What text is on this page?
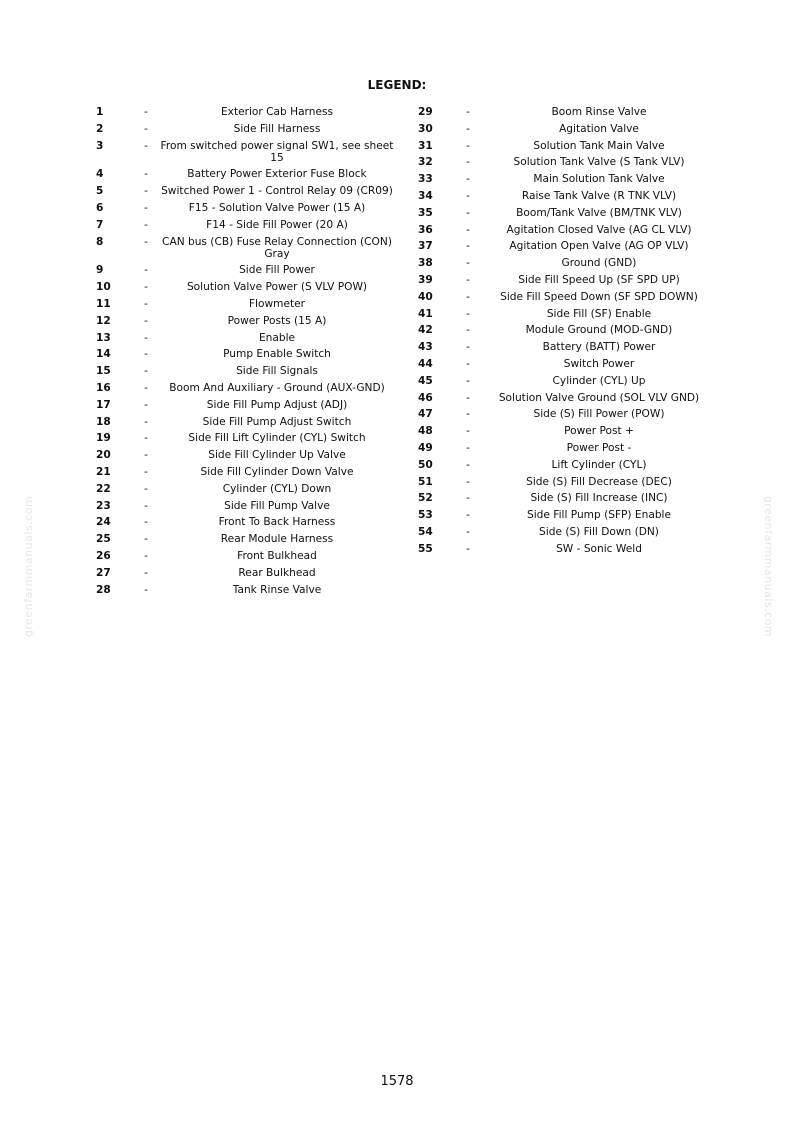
LEGEND:
1	-	Exterior Cab Harness
2	-	Side Fill Harness
3	-	From switched power signal SW1, see sheet 15
4	-	Battery Power Exterior Fuse Block
5	-	Switched Power 1 - Control Relay 09 (CR09)
6	-	F15 - Solution Valve Power (15 A)
7	-	F14 - Side Fill Power (20 A)
8	-	CAN bus (CB) Fuse Relay Connection (CON) Gray
9	-	Side Fill Power
10	-	Solution Valve Power (S VLV POW)
11	-	Flowmeter
12	-	Power Posts (15 A)
13	-	Enable
14	-	Pump Enable Switch
15	-	Side Fill Signals
16	-	Boom And Auxiliary - Ground (AUX-GND)
17	-	Side Fill Pump Adjust (ADJ)
18	-	Side Fill Pump Adjust Switch
19	-	Side Fill Lift Cylinder (CYL) Switch
20	-	Side Fill Cylinder Up Valve
21	-	Side Fill Cylinder Down Valve
22	-	Cylinder (CYL) Down
23	-	Side Fill Pump Valve
24	-	Front To Back Harness
25	-	Rear Module Harness
26	-	Front Bulkhead
27	-	Rear Bulkhead
28	-	Tank Rinse Valve
29	-	Boom Rinse Valve
30	-	Agitation Valve
31	-	Solution Tank Main Valve
32	-	Solution Tank Valve (S Tank VLV)
33	-	Main Solution Tank Valve
34	-	Raise Tank Valve (R TNK VLV)
35	-	Boom/Tank Valve (BM/TNK VLV)
36	-	Agitation Closed Valve (AG CL VLV)
37	-	Agitation Open Valve (AG OP VLV)
38	-	Ground (GND)
39	-	Side Fill Speed Up (SF SPD UP)
40	-	Side Fill Speed Down (SF SPD DOWN)
41	-	Side Fill (SF) Enable
42	-	Module Ground (MOD-GND)
43	-	Battery (BATT) Power
44	-	Switch Power
45	-	Cylinder (CYL) Up
46	-	Solution Valve Ground (SOL VLV GND)
47	-	Side (S) Fill Power (POW)
48	-	Power Post +
49	-	Power Post -
50	-	Lift Cylinder (CYL)
51	-	Side (S) Fill Decrease (DEC)
52	-	Side (S) Fill Increase (INC)
53	-	Side Fill Pump (SFP) Enable
54	-	Side (S) Fill Down (DN)
55	-	SW - Sonic Weld
greenfarmmanuals.com	greenfarmmanuals.com
1578
